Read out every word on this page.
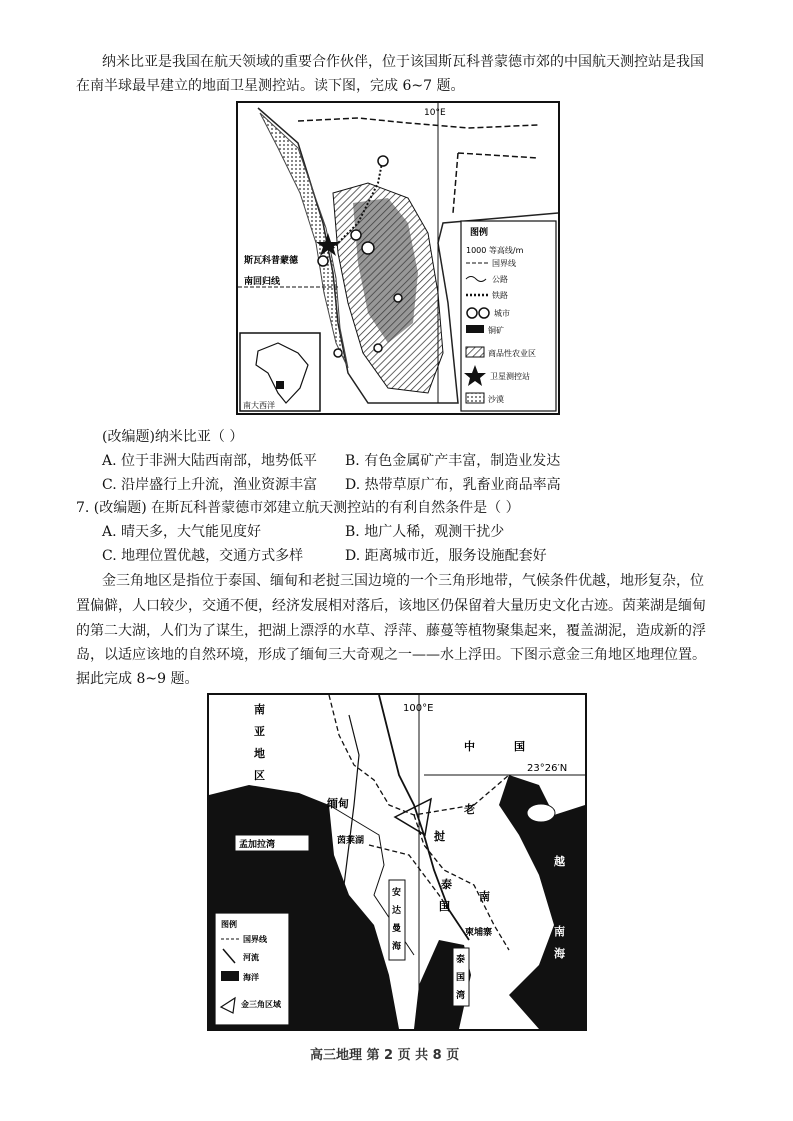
纳米比亚是我国在航天领域的重要合作伙伴，位于该国斯瓦科普蒙德市郊的中国航天测控站是我国
在南半球最早建立的地面卫星测控站。读下图，完成 6~7 题。
10°E
斯瓦科普蒙德
南回归线
南大西洋
图例
1000 等高线/m
国界线
公路
铁路
城市
铜矿
商品性农业区
卫星测控站
沙漠
(改编题)纳米比亚（ ）
A. 位于非洲大陆西南部，地势低平 B. 有色金属矿产丰富，制造业发达
C. 沿岸盛行上升流，渔业资源丰富 D. 热带草原广布，乳畜业商品率高
7. (改编题) 在斯瓦科普蒙德市郊建立航天测控站的有利自然条件是（ ）
A. 晴天多，大气能见度好	B. 地广人稀，观测干扰少
C. 地理位置优越，交通方式多样	D. 距离城市近，服务设施配套好
金三角地区是指位于泰国、缅甸和老挝三国边境的一个三角形地带，气候条件优越，地形复杂，位
置偏僻，人口较少，交通不便，经济发展相对落后，该地区仍保留着大量历史文化古迹。茵莱湖是缅甸
的第二大湖，人们为了谋生，把湖上漂浮的水草、浮萍、藤蔓等植物聚集起来，覆盖湖泥，造成新的浮
岛，以适应该地的自然环境，形成了缅甸三大奇观之一——水上浮田。下图示意金三角地区地理位置。
据此完成 8~9 题。
100°E
23°26′N
南
亚
地
区
中	国
缅甸	老
挝
越
南
泰
国
南
海
孟加拉湾	茵莱湖
柬埔寨
安
达
曼
海
泰
国
湾
图例
国界线
河流
海洋
金三角区域
高三地理 第 2 页 共 8 页
